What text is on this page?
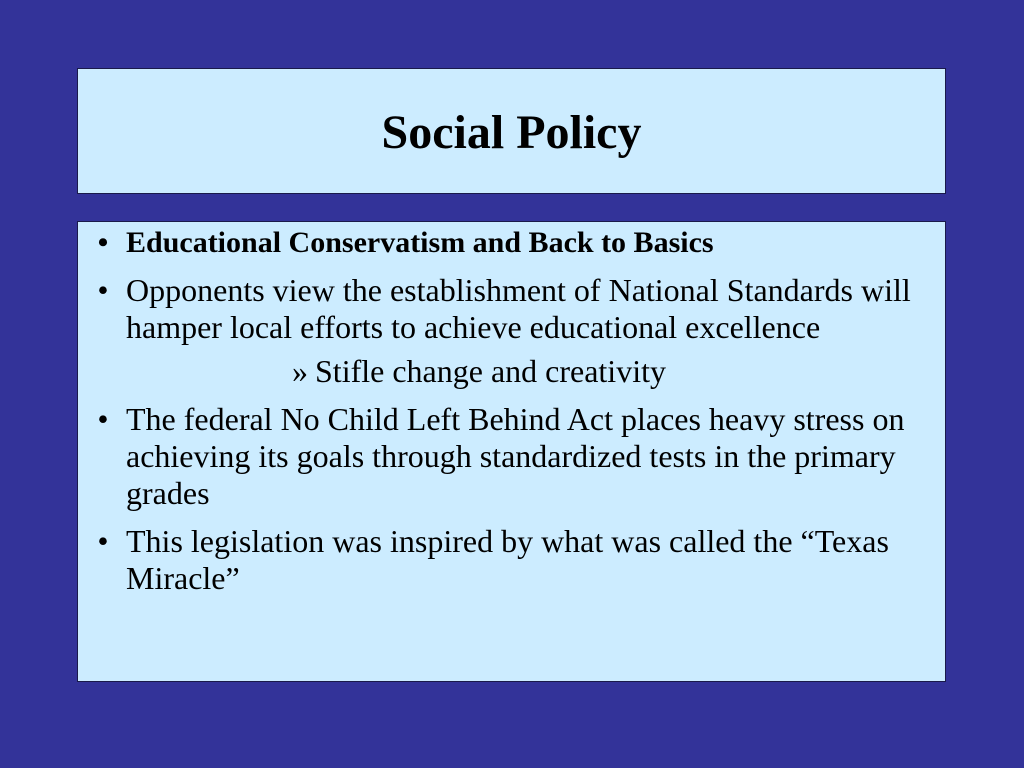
Social Policy
• Educational Conservatism and Back to Basics
• Opponents view the establishment of National Standards will hamper local efforts to achieve educational excellence
» Stifle change and creativity
• The federal No Child Left Behind Act places heavy stress on achieving its goals through standardized tests in the primary grades
• This legislation was inspired by what was called the “Texas Miracle”
